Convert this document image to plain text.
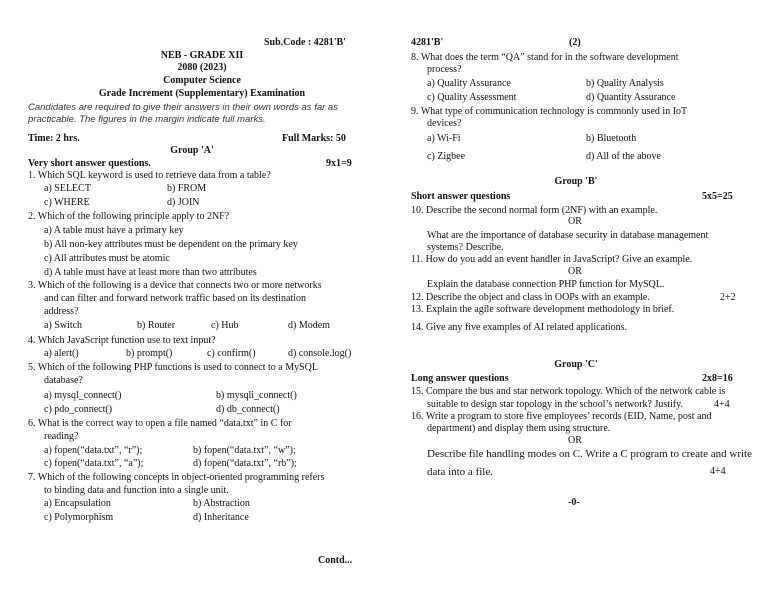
Sub.Code : 4281'B'
NEB - GRADE XII
2080 (2023)
Computer Science
Grade Increment (Supplementary) Examination
Candidates are required to give their answers in their own words as far as
practicable. The figures in the margin indicate full marks.
Time: 2 hrs.	Full Marks: 50
Group 'A'
Very short answer questions.	9x1=9
1. Which SQL keyword is used to retrieve data from a table?
a) SELECT	b) FROM
c) WHERE	d) JOIN
2. Which of the following principle apply to 2NF?
a) A table must have a primary key
b) All non-key attributes must be dependent on the primary key
c) All attributes must be atomic
d) A table must have at least more than two attributes
3. Which of the following is a device that connects two or more networks
and can filter and forward network traffic based on its destination
address?
a) Switch	b) Router	c) Hub	d) Modem
4. Which JavaScript function use to text input?
a) alert()	b) prompt()	c) confirm()	d) console.log()
5. Which of the following PHP functions is used to connect to a MySQL
database?
a) mysql_connect()	b) mysqli_connect()
c) pdo_connect()	d) db_connect()
6. What is the correct way to open a file named “data.txt” in C for
reading?
a) fopen(“data.txt”, “r”);	b) fopen(“data.txt”, “w”);
c) fopen(“data.txt”, “a”);	d) fopen(“data.txt”, “rb”);
7. Which of the following concepts in object-oriented programming refers
to binding data and function into a single unit.
a) Encapsulation	b) Abstraction
c) Polymorphism	d) Inheritance
Contd...
4281'B'	(2)
8. What does the term “QA” stand for in the software development
process?
a) Quality Assurance	b) Quality Analysis
c) Quality Assessment	d) Quantity Assurance
9. What type of communication technology is commonly used in IoT
devices?
a) Wi-Fi	b) Bluetooth
c) Zigbee	d) All of the above
Group 'B'
Short answer questions	5x5=25
10. Describe the second normal form (2NF) with an example.
OR
What are the importance of database security in database management
systems? Describe.
11. How do you add an event handler in JavaScript? Give an example.
OR
Explain the database connection PHP function for MySQL.
12. Describe the object and class in OOPs with an example.	2+2
13. Explain the agile software development methodology in brief.
14. Give any five examples of AI related applications.
Group 'C'
Long answer questions	2x8=16
15. Compare the bus and star network topology. Which of the network cable is
suitable to design star topology in the school’s network? Justify.	4+4
16. Write a program to store five employees’ records (EID, Name, post and
department) and display them using structure.
OR
Describe file handling modes on C. Write a C program to create and write
data into a file.	4+4
-0-
